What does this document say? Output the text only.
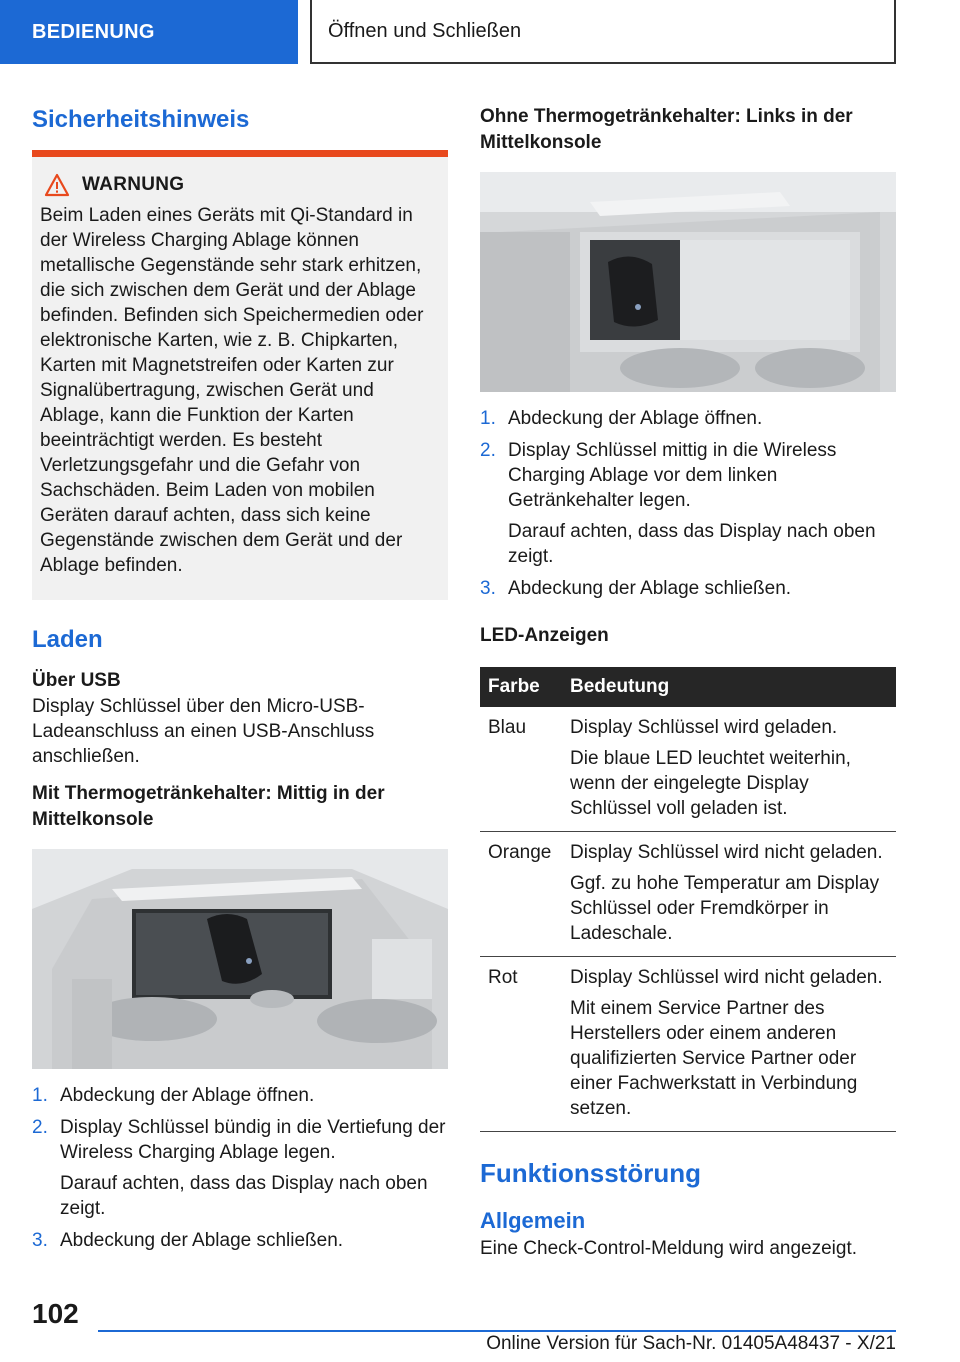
BEDIENUNG	Öffnen und Schließen
Sicherheitshinweis
WARNUNG

Beim Laden eines Geräts mit Qi-Standard in der Wireless Charging Ablage können metallische Gegenstände sehr stark erhitzen, die sich zwischen dem Gerät und der Ablage befinden. Befinden sich Speichermedien oder elektronische Karten, wie z. B. Chipkarten, Karten mit Magnetstreifen oder Karten zur Signalübertragung, zwischen Gerät und Ablage, kann die Funktion der Karten beeinträchtigt werden. Es besteht Verletzungsgefahr und die Gefahr von Sachschäden. Beim Laden von mobilen Geräten darauf achten, dass sich keine Gegenstände zwischen dem Gerät und der Ablage befinden.

Laden
Über USB

Display Schlüssel über den Micro-USB-Ladeanschluss an einen USB-Anschluss anschließen.

Mit Thermogetränkehalter: Mittig in der Mittelkonsole
1. Abdeckung der Ablage öffnen.
2. Display Schlüssel bündig in die Vertiefung der Wireless Charging Ablage legen.
Darauf achten, dass das Display nach oben zeigt.
3. Abdeckung der Ablage schließen.
Ohne Thermogetränkehalter: Links in der Mittelkonsole
1. Abdeckung der Ablage öffnen.
2. Display Schlüssel mittig in die Wireless Charging Ablage vor dem linken Getränkehalter legen.
Darauf achten, dass das Display nach oben zeigt.
3. Abdeckung der Ablage schließen.
LED-Anzeigen
Farbe	Bedeutung
Blau	Display Schlüssel wird geladen.
Die blaue LED leuchtet weiterhin, wenn der eingelegte Display Schlüssel voll geladen ist.

Orange	Display Schlüssel wird nicht geladen.
Ggf. zu hohe Temperatur am Display Schlüssel oder Fremdkörper in Ladeschale.

Rot	Display Schlüssel wird nicht geladen.
Mit einem Service Partner des Herstellers oder einem anderen qualifizierten Service Partner oder einer Fachwerkstatt in Verbindung setzen.
Funktionsstörung
Allgemein

Eine Check-Control-Meldung wird angezeigt.

102
Online Version für Sach-Nr. 01405A48437 - X/21
